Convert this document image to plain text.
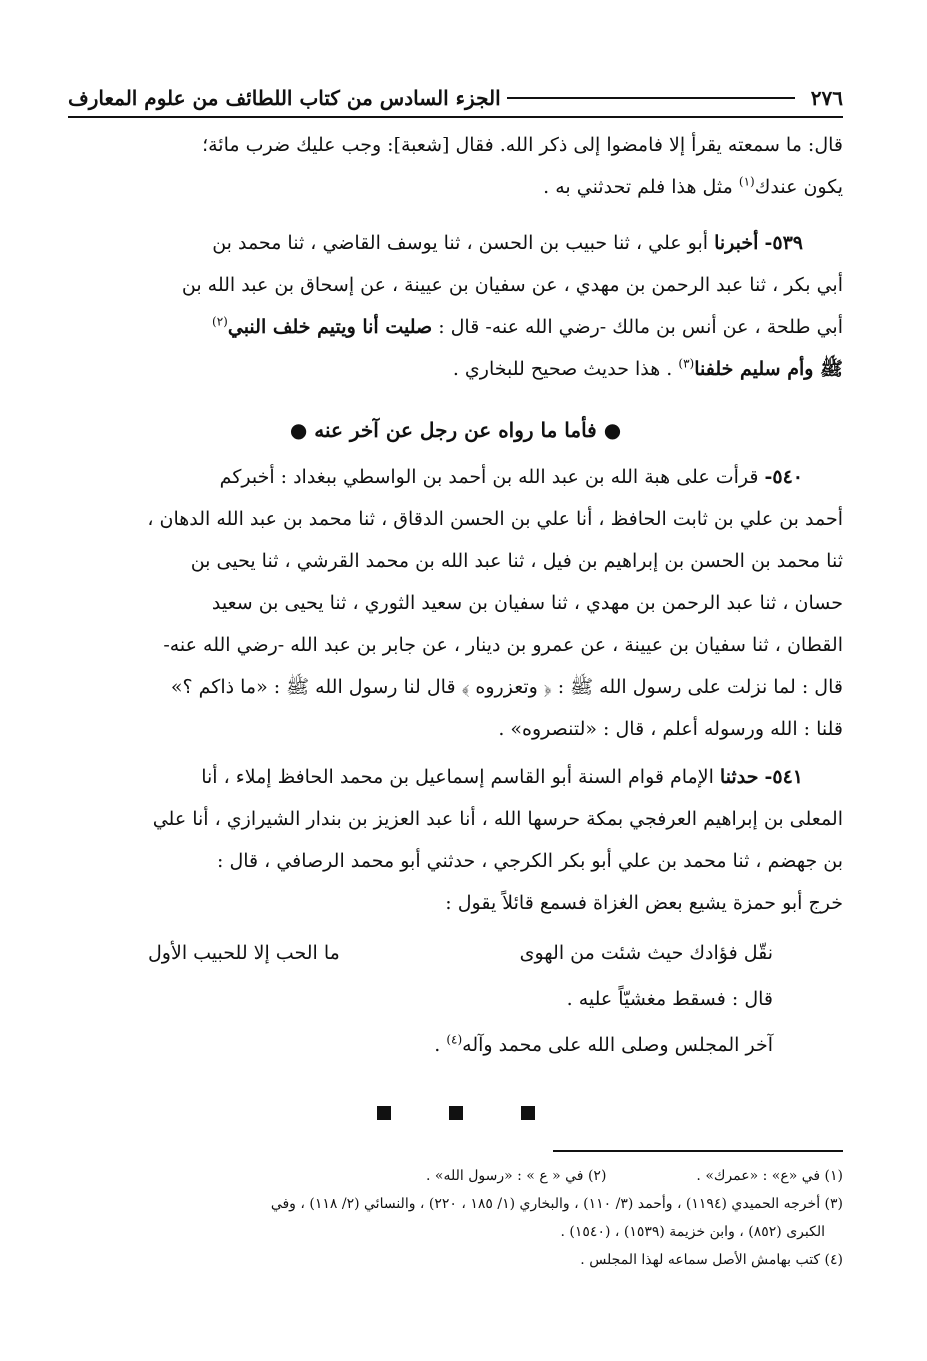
٢٧٦
الجزء السادس من كتاب اللطائف من علوم المعارف

قال: ما سمعته يقرأ إلا فامضوا إلى ذكر الله. فقال [شعبة]: وجب عليك ضرب مائة؛

يكون عندك$^{(١)}$ مثل هذا فلم تحدثني به .

٥٣٩- أخبرنا أبو علي ، ثنا حبيب بن الحسن ، ثنا يوسف القاضي ، ثنا محمد بن

أبي بكر ، ثنا عبد الرحمن بن مهدي ، عن سفيان بن عيينة ، عن إسحاق بن عبد الله بن

أبي طلحة ، عن أنس بن مالك -رضي الله عنه- قال : صليت أنا ويتيم خلف النبي$^{(٢)}$

ﷺ وأم سليم خلفنا$^{(٣)}$ . هذا حديث صحيح للبخاري .

● فأما ما رواه عن رجل عن آخر عنه ●

٥٤٠- قرأت على هبة الله بن عبد الله بن أحمد بن الواسطي ببغداد : أخبركم

أحمد بن علي بن ثابت الحافظ ، أنا علي بن الحسن الدقاق ، ثنا محمد بن عبد الله الدهان ،

ثنا محمد بن الحسن بن إبراهيم بن فيل ، ثنا عبد الله بن محمد القرشي ، ثنا يحيى بن

حسان ، ثنا عبد الرحمن بن مهدي ، ثنا سفيان بن سعيد الثوري ، ثنا يحيى بن سعيد

القطان ، ثنا سفيان بن عيينة ، عن عمرو بن دينار ، عن جابر بن عبد الله -رضي الله عنه-

قال : لما نزلت على رسول الله ﷺ : ﴿ وتعزروه ﴾ قال لنا رسول الله ﷺ : «ما ذاكم ؟»

قلنا : الله ورسوله أعلم ، قال : «لتنصروه» .

٥٤١- حدثنا الإمام قوام السنة أبو القاسم إسماعيل بن محمد الحافظ إملاء ، أنا

المعلى بن إبراهيم العرفجي بمكة حرسها الله ، أنا عبد العزيز بن بندار الشيرازي ، أنا علي

بن جهضم ، ثنا محمد بن علي أبو بكر الكرجي ، حدثني أبو محمد الرصافي ، قال :

خرج أبو حمزة يشيع بعض الغزاة فسمع قائلاً يقول :

نقّل فؤادك حيث شئت من الهوى
ما الحب إلا للحبيب الأول

قال : فسقط مغشيّاً عليه .

آخر المجلس وصلى الله على محمد وآله$^{(٤)}$ .

(١) في «ع» : «عمرك» .
(٢) في « ع » : «رسول الله» .
(٣) أخرجه الحميدي (١١٩٤) ، وأحمد (٣/ ١١٠) ، والبخاري (١/ ١٨٥ ، ٢٢٠) ، والنسائي (٢/ ١١٨) ، وفي
الكبرى (٨٥٢) ، وابن خزيمة (١٥٣٩) ، (١٥٤٠) .
(٤) كتب بهامش الأصل سماعه لهذا المجلس .
